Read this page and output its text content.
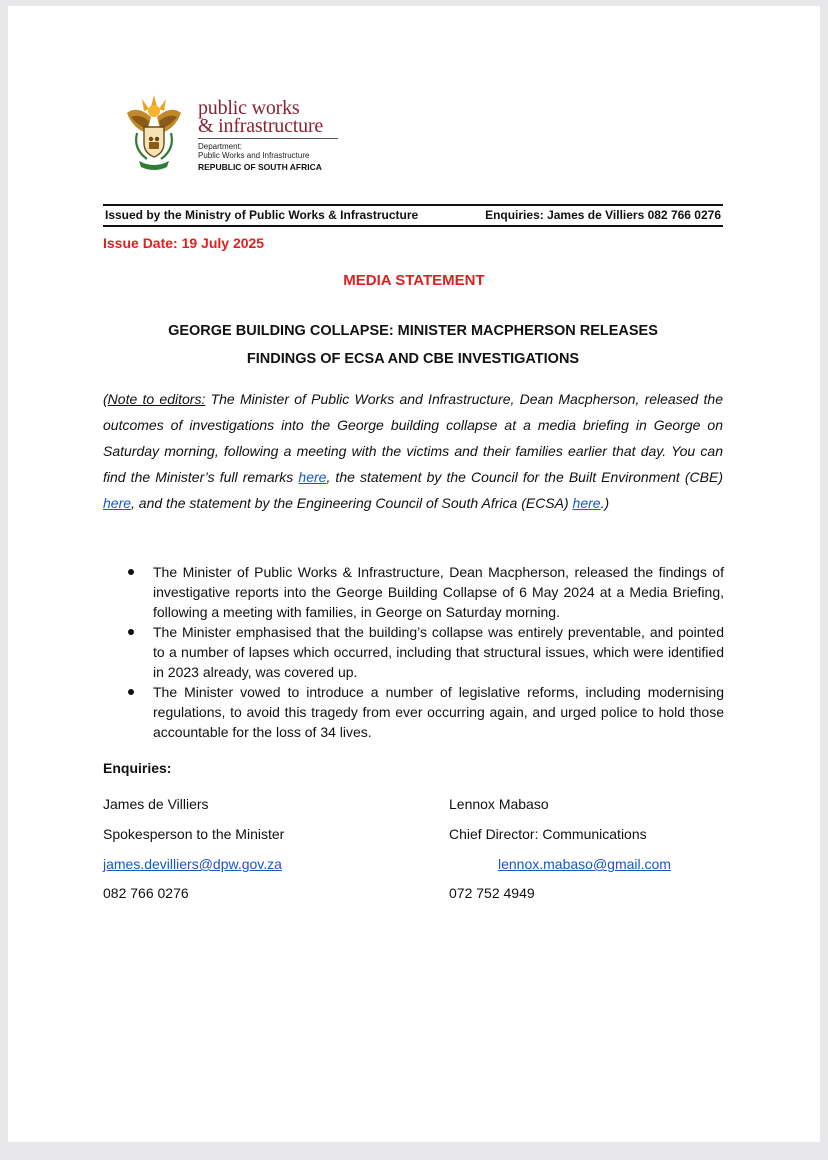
public works
& infrastructure
Department:
Public Works and Infrastructure
REPUBLIC OF SOUTH AFRICA
Issued by the Ministry of Public Works & Infrastructure	Enquiries: James de Villiers 082 766 0276
Issue Date: 19 July 2025
MEDIA STATEMENT
GEORGE BUILDING COLLAPSE: MINISTER MACPHERSON RELEASES
FINDINGS OF ECSA AND CBE INVESTIGATIONS
(Note to editors: The Minister of Public Works and Infrastructure, Dean Macpherson, released the outcomes of investigations into the George building collapse at a media briefing in George on Saturday morning, following a meeting with the victims and their families earlier that day. You can find the Minister’s full remarks here, the statement by the Council for the Built Environment (CBE) here, and the statement by the Engineering Council of South Africa (ECSA) here.)
The Minister of Public Works & Infrastructure, Dean Macpherson, released the findings of investigative reports into the George Building Collapse of 6 May 2024 at a Media Briefing, following a meeting with families, in George on Saturday morning.
The Minister emphasised that the building’s collapse was entirely preventable, and pointed to a number of lapses which occurred, including that structural issues, which were identified in 2023 already, was covered up.
The Minister vowed to introduce a number of legislative reforms, including modernising regulations, to avoid this tragedy from ever occurring again, and urged police to hold those accountable for the loss of 34 lives.
Enquiries:
James de Villiers
Spokesperson to the Minister
james.devilliers@dpw.gov.za
082 766 0276
Lennox Mabaso
Chief Director: Communications
lennox.mabaso@gmail.com
072 752 4949
